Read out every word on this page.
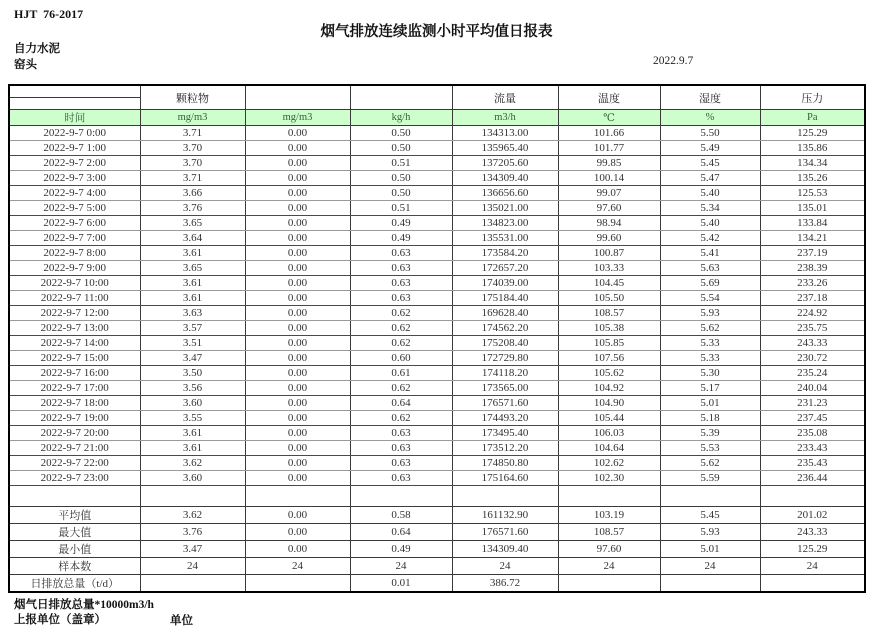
HJT  76-2017
烟气排放连续监测小时平均值日报表
自力水泥
窑头	2022.9.7
	颗粒物			流量	温度	湿度	压力

时间	mg/m3	mg/m3	kg/h	m3/h	℃	%	Pa
2022-9-7 0:00	3.71	0.00	0.50	134313.00	101.66	5.50	125.29
2022-9-7 1:00	3.70	0.00	0.50	135965.40	101.77	5.49	135.86
2022-9-7 2:00	3.70	0.00	0.51	137205.60	99.85	5.45	134.34
2022-9-7 3:00	3.71	0.00	0.50	134309.40	100.14	5.47	135.26
2022-9-7 4:00	3.66	0.00	0.50	136656.60	99.07	5.40	125.53
2022-9-7 5:00	3.76	0.00	0.51	135021.00	97.60	5.34	135.01
2022-9-7 6:00	3.65	0.00	0.49	134823.00	98.94	5.40	133.84
2022-9-7 7:00	3.64	0.00	0.49	135531.00	99.60	5.42	134.21
2022-9-7 8:00	3.61	0.00	0.63	173584.20	100.87	5.41	237.19
2022-9-7 9:00	3.65	0.00	0.63	172657.20	103.33	5.63	238.39
2022-9-7 10:00	3.61	0.00	0.63	174039.00	104.45	5.69	233.26
2022-9-7 11:00	3.61	0.00	0.63	175184.40	105.50	5.54	237.18
2022-9-7 12:00	3.63	0.00	0.62	169628.40	108.57	5.93	224.92
2022-9-7 13:00	3.57	0.00	0.62	174562.20	105.38	5.62	235.75
2022-9-7 14:00	3.51	0.00	0.62	175208.40	105.85	5.33	243.33
2022-9-7 15:00	3.47	0.00	0.60	172729.80	107.56	5.33	230.72
2022-9-7 16:00	3.50	0.00	0.61	174118.20	105.62	5.30	235.24
2022-9-7 17:00	3.56	0.00	0.62	173565.00	104.92	5.17	240.04
2022-9-7 18:00	3.60	0.00	0.64	176571.60	104.90	5.01	231.23
2022-9-7 19:00	3.55	0.00	0.62	174493.20	105.44	5.18	237.45
2022-9-7 20:00	3.61	0.00	0.63	173495.40	106.03	5.39	235.08
2022-9-7 21:00	3.61	0.00	0.63	173512.20	104.64	5.53	233.43
2022-9-7 22:00	3.62	0.00	0.63	174850.80	102.62	5.62	235.43
2022-9-7 23:00	3.60	0.00	0.63	175164.60	102.30	5.59	236.44

平均值	3.62	0.00	0.58	161132.90	103.19	5.45	201.02
最大值	3.76	0.00	0.64	176571.60	108.57	5.93	243.33
最小值	3.47	0.00	0.49	134309.40	97.60	5.01	125.29
样本数	24	24	24	24	24	24	24
日排放总量（t/d）			0.01	386.72			
烟气日排放总量*10000m3/h
上报单位（盖章）	单位
